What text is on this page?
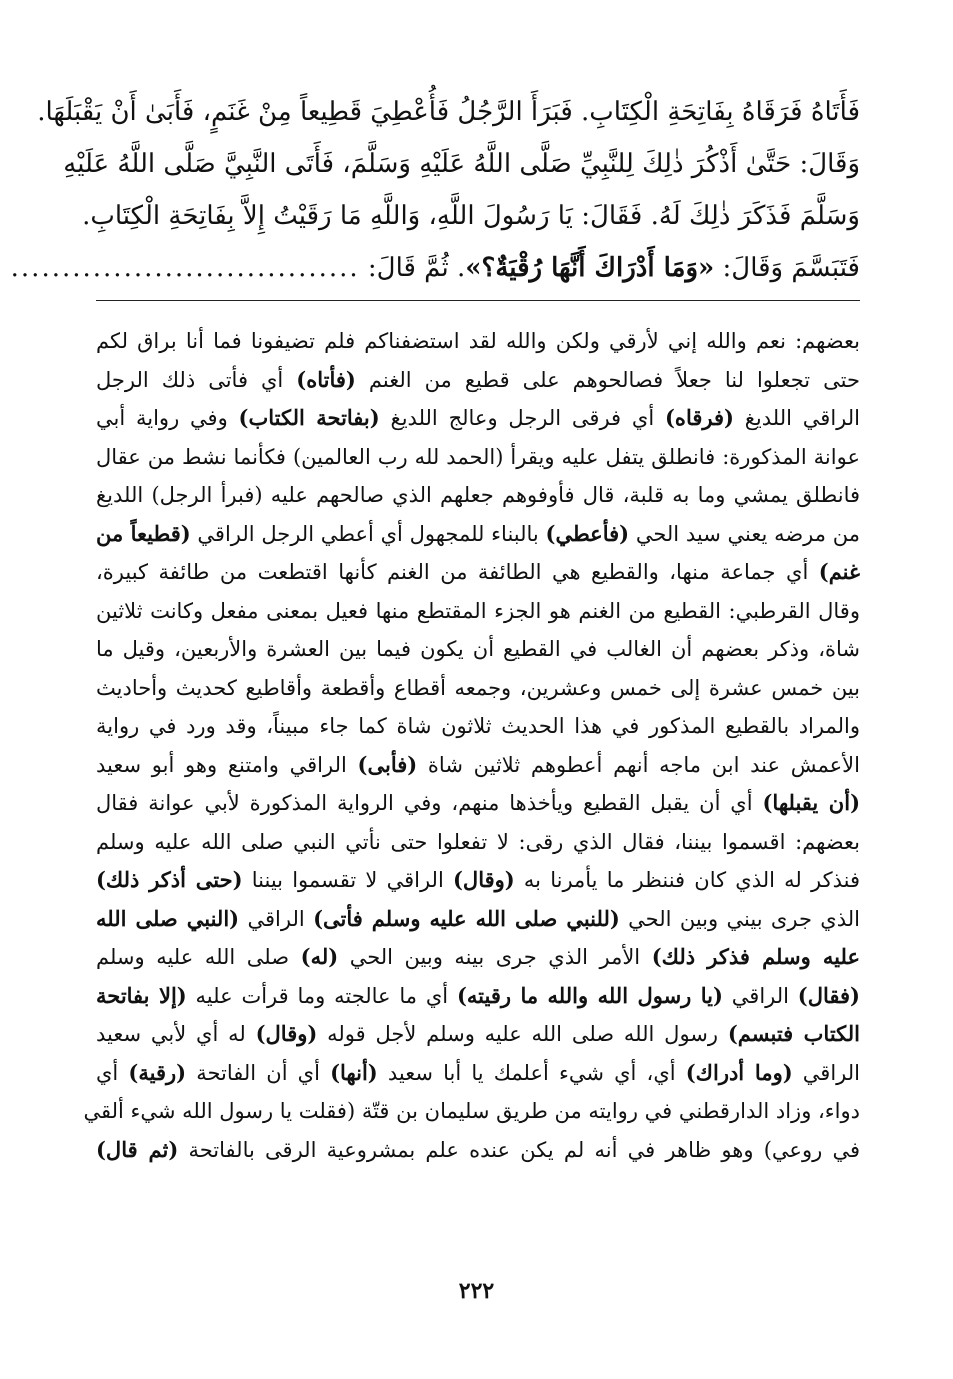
فَأَتَاهُ فَرَقَاهُ بِفَاتِحَةِ الْكِتَابِ. فَبَرَأَ الرَّجُلُ فَأُعْطِيَ قَطِيعاً مِنْ غَنَمٍ، فَأَبَىٰ أَنْ يَقْبَلَهَا.
وَقَالَ: حَتَّىٰ أَذْكُرَ ذٰلِكَ لِلنَّبِيِّ صَلَّى اللَّهُ عَلَيْهِ وَسَلَّمَ، فَأَتَى النَّبِيَّ صَلَّى اللَّهُ عَلَيْهِ
وَسَلَّمَ فَذَكَرَ ذٰلِكَ لَهُ. فَقَالَ: يَا رَسُولَ اللَّهِ، وَاللَّهِ مَا رَقَيْتُ إِلاَّ بِفَاتِحَةِ الْكِتَابِ.
فَتَبَسَّمَ وَقَالَ: «وَمَا أَدْرَاكَ أَنَّهَا رُقْيَةٌ؟». ثُمَّ قَالَ: ..................................
بعضهم: نعم والله إني لأرقي ولكن والله لقد استضفناكم فلم تضيفونا فما أنا براق لكم
حتى تجعلوا لنا جعلاً فصالحوهم على قطيع من الغنم (فأتاه) أي فأتى ذلك الرجل
الراقي اللديغ (فرقاه) أي فرقى الرجل وعالج اللديغ (بفاتحة الكتاب) وفي رواية أبي
عوانة المذكورة: فانطلق يتفل عليه ويقرأ (الحمد لله رب العالمين) فكأنما نشط من عقال
فانطلق يمشي وما به قلبة، قال فأوفوهم جعلهم الذي صالحهم عليه (فبرأ الرجل) اللديغ
من مرضه يعني سيد الحي (فأعطي) بالبناء للمجهول أي أعطي الرجل الراقي (قطيعاً من
غنم) أي جماعة منها، والقطيع هي الطائفة من الغنم كأنها اقتطعت من طائفة كبيرة،
وقال القرطبي: القطيع من الغنم هو الجزء المقتطع منها فعيل بمعنى مفعل وكانت ثلاثين
شاة، وذكر بعضهم أن الغالب في القطيع أن يكون فيما بين العشرة والأربعين، وقيل ما
بين خمس عشرة إلى خمس وعشرين، وجمعه أقطاع وأقطعة وأقاطيع كحديث وأحاديث
والمراد بالقطيع المذكور في هذا الحديث ثلاثون شاة كما جاء مبيناً، وقد ورد في رواية
الأعمش عند ابن ماجه أنهم أعطوهم ثلاثين شاة (فأبى) الراقي وامتنع وهو أبو سعيد
(أن يقبلها) أي أن يقبل القطيع ويأخذها منهم، وفي الرواية المذكورة لأبي عوانة فقال
بعضهم: اقسموا بيننا، فقال الذي رقى: لا تفعلوا حتى نأتي النبي صلى الله عليه وسلم
فنذكر له الذي كان فننظر ما يأمرنا به (وقال) الراقي لا تقسموا بيننا (حتى أذكر ذلك)
الذي جرى بيني وبين الحي (للنبي صلى الله عليه وسلم فأتى) الراقي (النبي صلى الله
عليه وسلم فذكر ذلك) الأمر الذي جرى بينه وبين الحي (له) صلى الله عليه وسلم
(فقال) الراقي (يا رسول الله والله ما رقيته) أي ما عالجته وما قرأت عليه (إلا بفاتحة
الكتاب فتبسم) رسول الله صلى الله عليه وسلم لأجل قوله (وقال) له أي لأبي سعيد
الراقي (وما أدراك) أي، أي شيء أعلمك يا أبا سعيد (أنها) أي أن الفاتحة (رقية) أي
دواء، وزاد الدارقطني في روايته من طريق سليمان بن قتّة (فقلت يا رسول الله شيء ألقي
في روعي) وهو ظاهر في أنه لم يكن عنده علم بمشروعية الرقى بالفاتحة (ثم قال)
٢٢٢
